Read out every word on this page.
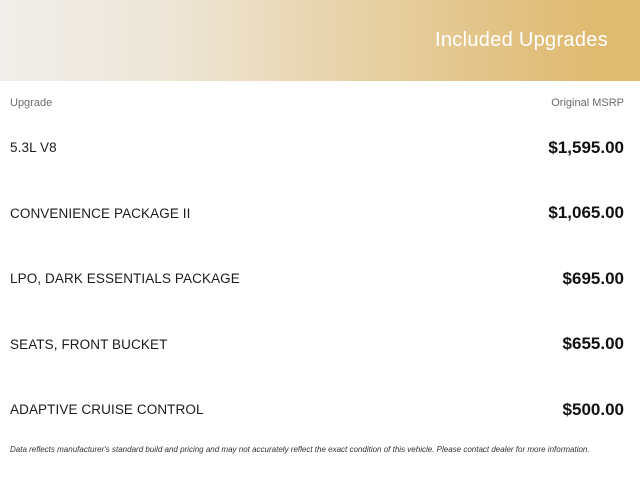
Included Upgrades
Upgrade	Original MSRP
5.3L V8	$1,595.00
CONVENIENCE PACKAGE II	$1,065.00
LPO, DARK ESSENTIALS PACKAGE	$695.00
SEATS, FRONT BUCKET	$655.00
ADAPTIVE CRUISE CONTROL	$500.00

Data reflects manufacturer's standard build and pricing and may not accurately reflect the exact condition of this vehicle. Please contact dealer for more information.
